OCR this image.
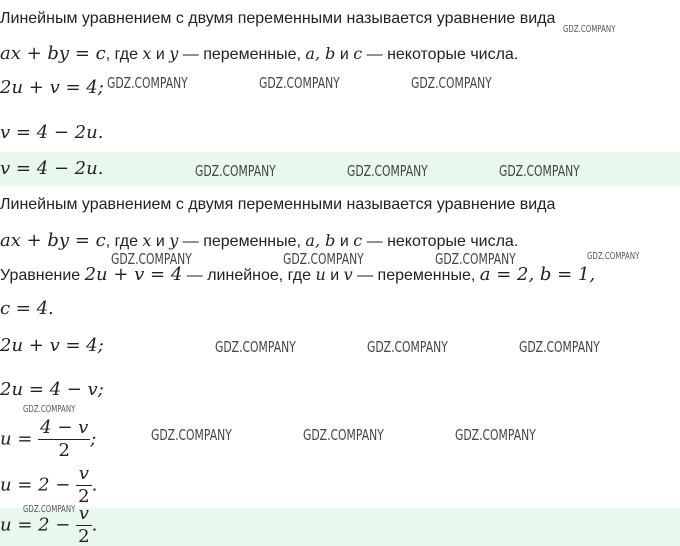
Линейным уравнением с двумя переменными называется уравнение вида
ax + by = c, где x и y — переменные, a, b и c — некоторые числа.
2u + v = 4;
v = 4 − 2u.
v = 4 − 2u.
Линейным уравнением с двумя переменными называется уравнение вида
ax + by = c, где x и y — переменные, a, b и c — некоторые числа.
Уравнение 2u + v = 4 — линейное, где u и v — переменные, a = 2, b = 1,
c = 4.
2u + v = 4;
2u = 4 − v;
$u = \frac{4 - v}{2}$ ;
$u = 2 - \frac{v}{2}$ .
$u = 2 - \frac{v}{2}$ .
GDZ.COMPANY
GDZ.COMPANY	GDZ.COMPANY	GDZ.COMPANY
GDZ.COMPANY	GDZ.COMPANY	GDZ.COMPANY
GDZ.COMPANY
GDZ.COMPANY	GDZ.COMPANY	GDZ.COMPANY
GDZ.COMPANY	GDZ.COMPANY	GDZ.COMPANY
GDZ.COMPANY
GDZ.COMPANY	GDZ.COMPANY	GDZ.COMPANY
GDZ.COMPANY
